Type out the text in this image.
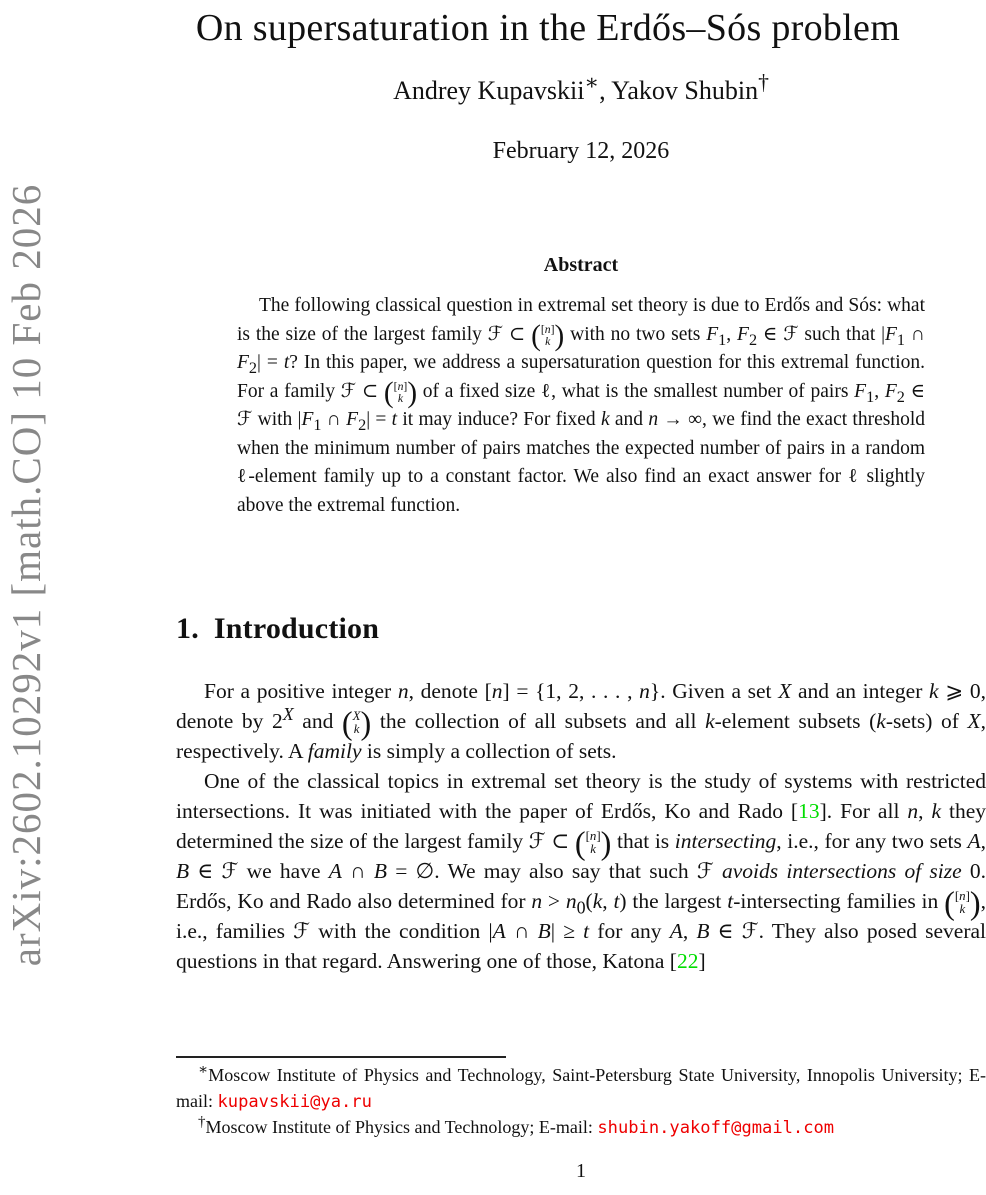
arXiv:2602.10292v1 [math.CO] 10 Feb 2026
On supersaturation in the Erdős–Sós problem
Andrey Kupavskii∗, Yakov Shubin†
February 12, 2026
Abstract
The following classical question in extremal set theory is due to Erdős and Sós: what is the size of the largest family ℱ ⊂ ( [n]
k ) with no two sets $F_1$, $F_2$ ∈ ℱ such that $|F_1$ ∩ $F_2| = t$? In this paper, we address a supersaturation question for this extremal function. For a family ℱ ⊂ ( [n]
k ) of a fixed size ℓ, what is the smallest number of pairs $F_1$, $F_2$ ∈ ℱ with $|F_1$ ∩ $F_2| = t$ it may induce? For fixed k and n → ∞, we find the exact threshold when the minimum number of pairs matches the expected number of pairs in a random ℓ-element family up to a constant factor. We also find an exact answer for ℓ slightly above the extremal function.
1. Introduction

For a positive integer n, denote [n] = {1, 2, . . . , n}. Given a set X and an integer k ⩾ 0, denote by $2^X$ and ( X
k ) the collection of all subsets and all k-element subsets (k-sets) of X, respectively. A family is simply a collection of sets.

One of the classical topics in extremal set theory is the study of systems with restricted intersections. It was initiated with the paper of Erdős, Ko and Rado [13]. For all n, k they determined the size of the largest family ℱ ⊂ ( [n]
k ) that is intersecting, i.e., for any two sets A, B ∈ ℱ we have A ∩ B = ∅. We may also say that such ℱ avoids intersections of size 0. Erdős, Ko and Rado also determined for $n > n_0(k$, t) the largest t-intersecting families in ( [n]
k ) , i.e., families ℱ with the condition |A ∩ B| ≥ t for any A, B ∈ ℱ. They also posed several questions in that regard. Answering one of those, Katona [22]

∗Moscow Institute of Physics and Technology, Saint-Petersburg State University, Innopolis University; E-mail: kupavskii@ya.ru

†Moscow Institute of Physics and Technology; E-mail: shubin.yakoff@gmail.com

1
